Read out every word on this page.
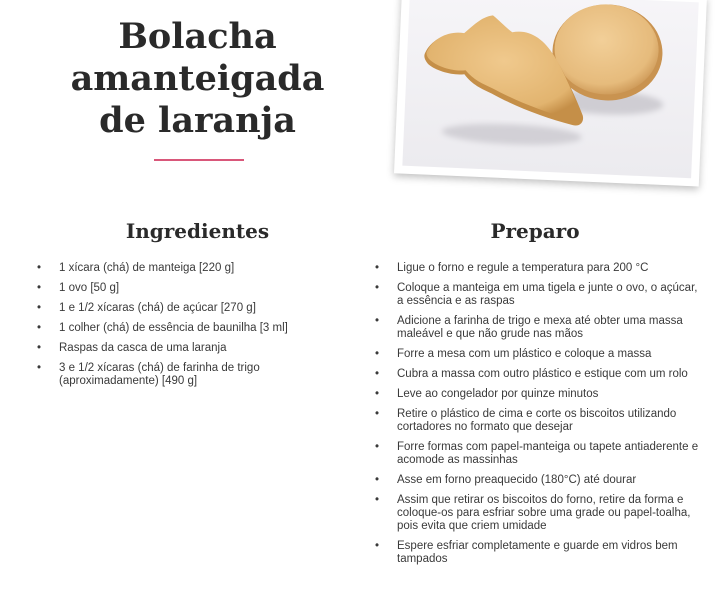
Bolacha
amanteigada
de laranja
Ingredientes	Preparo
• 1 xícara (chá) de manteiga [220 g]
• 1 ovo [50 g]
• 1 e 1/2 xícaras (chá) de açúcar [270 g]
• 1 colher (chá) de essência de baunilha [3 ml]
• Raspas da casca de uma laranja
• 3 e 1/2 xícaras (chá) de farinha de trigo (aproximadamente) [490 g]
• Ligue o forno e regule a temperatura para 200 °C
• Coloque a manteiga em uma tigela e junte o ovo, o açúcar, a essência e as raspas
• Adicione a farinha de trigo e mexa até obter uma massa maleável e que não grude nas mãos
• Forre a mesa com um plástico e coloque a massa
• Cubra a massa com outro plástico e estique com um rolo
• Leve ao congelador por quinze minutos
• Retire o plástico de cima e corte os biscoitos utilizando cortadores no formato que desejar
• Forre formas com papel-manteiga ou tapete antiaderente e acomode as massinhas
• Asse em forno preaquecido (180°C) até dourar
• Assim que retirar os biscoitos do forno, retire da forma e coloque-os para esfriar sobre uma grade ou papel-toalha, pois evita que criem umidade
• Espere esfriar completamente e guarde em vidros bem tampados
